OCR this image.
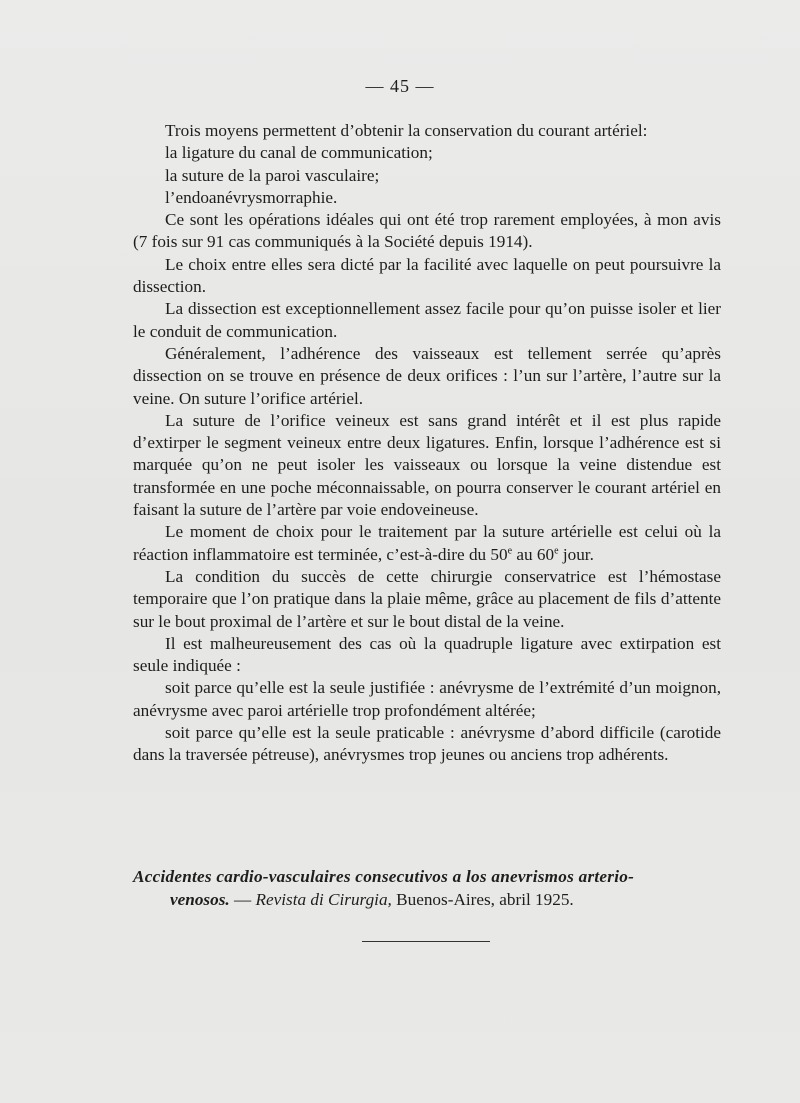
— 45 —

Trois moyens permettent d’obtenir la conservation du courant artériel:

la ligature du canal de communication;

la suture de la paroi vasculaire;

l’endoanévrysmorraphie.

Ce sont les opérations idéales qui ont été trop rarement employées, à mon avis (7 fois sur 91 cas communiqués à la Société depuis 1914).

Le choix entre elles sera dicté par la facilité avec laquelle on peut poursuivre la dissection.

La dissection est exceptionnellement assez facile pour qu’on puisse isoler et lier le conduit de communication.

Généralement, l’adhérence des vaisseaux est tellement serrée qu’après dissection on se trouve en présence de deux orifices : l’un sur l’artère, l’autre sur la veine. On suture l’orifice artériel.

La suture de l’orifice veineux est sans grand intérêt et il est plus rapide d’extirper le segment veineux entre deux ligatures. Enfin, lorsque l’adhérence est si marquée qu’on ne peut isoler les vaisseaux ou lorsque la veine distendue est transformée en une poche méconnaissable, on pourra conserver le courant artériel en faisant la suture de l’artère par voie endoveineuse.

Le moment de choix pour le traitement par la suture artérielle est celui où la réaction inflammatoire est terminée, c’est-à-dire du 50e au 60e jour.

La condition du succès de cette chirurgie conservatrice est l’hémostase temporaire que l’on pratique dans la plaie même, grâce au placement de fils d’attente sur le bout proximal de l’artère et sur le bout distal de la veine.

Il est malheureusement des cas où la quadruple ligature avec extirpation est seule indiquée :

soit parce qu’elle est la seule justifiée : anévrysme de l’extrémité d’un moignon, anévrysme avec paroi artérielle trop profondément altérée;

soit parce qu’elle est la seule praticable : anévrysme d’abord difficile (carotide dans la traversée pétreuse), anévrysmes trop jeunes ou anciens trop adhérents.

Accidentes cardio-vasculaires consecutivos a los anevrismos arterio-
venosos. — Revista di Cirurgia, Buenos-Aires, abril 1925.
